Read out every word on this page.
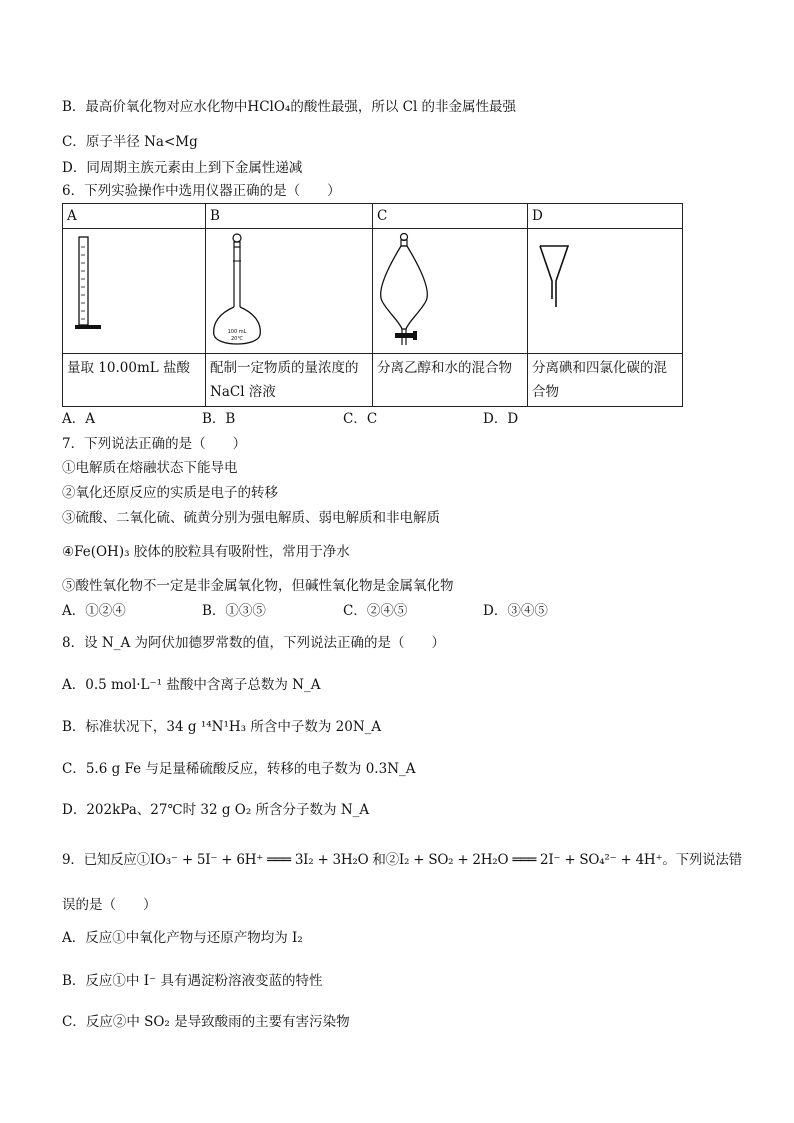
B．最高价氧化物对应水化物中HClO₄的酸性最强，所以 Cl 的非金属性最强
C．原子半径 Na<Mg
D．同周期主族元素由上到下金属性递减
6．下列实验操作中选用仪器正确的是（　　）
A	B	C	D

100 mL
20℃

量取 10.00mL 盐酸	配制一定物质的量浓度的 NaCl 溶液	分离乙醇和水的混合物	分离碘和四氯化碳的混合物
A．A	B．B	C．C	D．D
7．下列说法正确的是（　　）
①电解质在熔融状态下能导电
②氧化还原反应的实质是电子的转移
③硫酸、二氧化硫、硫黄分别为强电解质、弱电解质和非电解质
④Fe(OH)₃ 胶体的胶粒具有吸附性，常用于净水
⑤酸性氧化物不一定是非金属氧化物，但碱性氧化物是金属氧化物
A．①②④	B．①③⑤	C．②④⑤	D．③④⑤
8．设 N_A 为阿伏加德罗常数的值，下列说法正确的是（　　）
A．0.5 mol·L⁻¹ 盐酸中含离子总数为 N_A
B．标准状况下，34 g ¹⁴N¹H₃ 所含中子数为 20N_A
C．5.6 g Fe 与足量稀硫酸反应，转移的电子数为 0.3N_A
D．202kPa、27℃时 32 g O₂ 所含分子数为 N_A
9．已知反应①IO₃⁻ + 5I⁻ + 6H⁺ ═══ 3I₂ + 3H₂O 和②I₂ + SO₂ + 2H₂O ═══ 2I⁻ + SO₄²⁻ + 4H⁺。下列说法错
误的是（　　）
A．反应①中氧化产物与还原产物均为 I₂
B．反应①中 I⁻ 具有遇淀粉溶液变蓝的特性
C．反应②中 SO₂ 是导致酸雨的主要有害污染物
